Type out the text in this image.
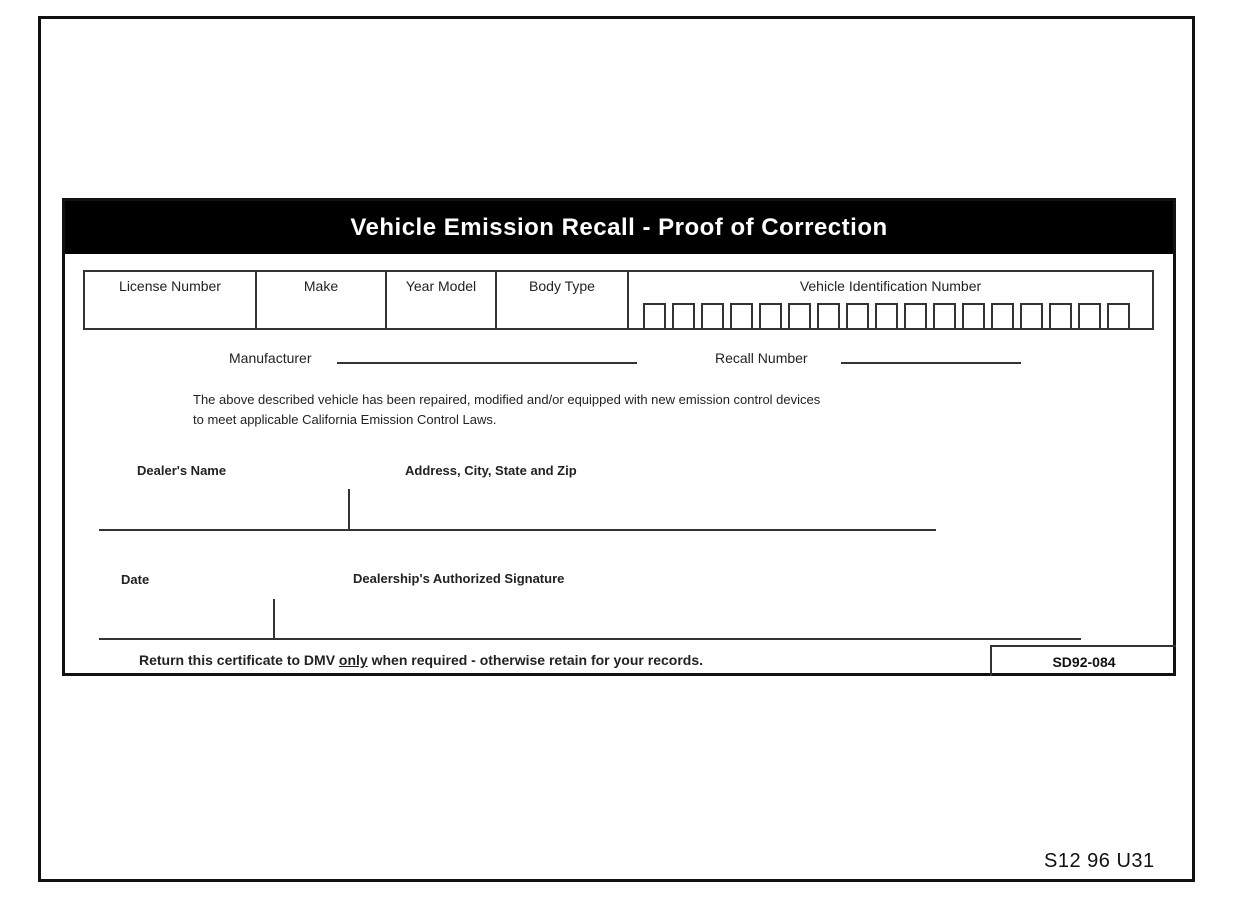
Vehicle Emission Recall - Proof of Correction
License Number	Make	Year Model	Body Type	Vehicle Identification Number
Manufacturer	Recall Number
The above described vehicle has been repaired, modified and/or equipped with new emission control devices
to meet applicable California Emission Control Laws.
Dealer's Name	Address, City, State and Zip
Date	Dealership's Authorized Signature
Return this certificate to DMV only when required - otherwise retain for your records.	SD92-084
S12 96 U31
